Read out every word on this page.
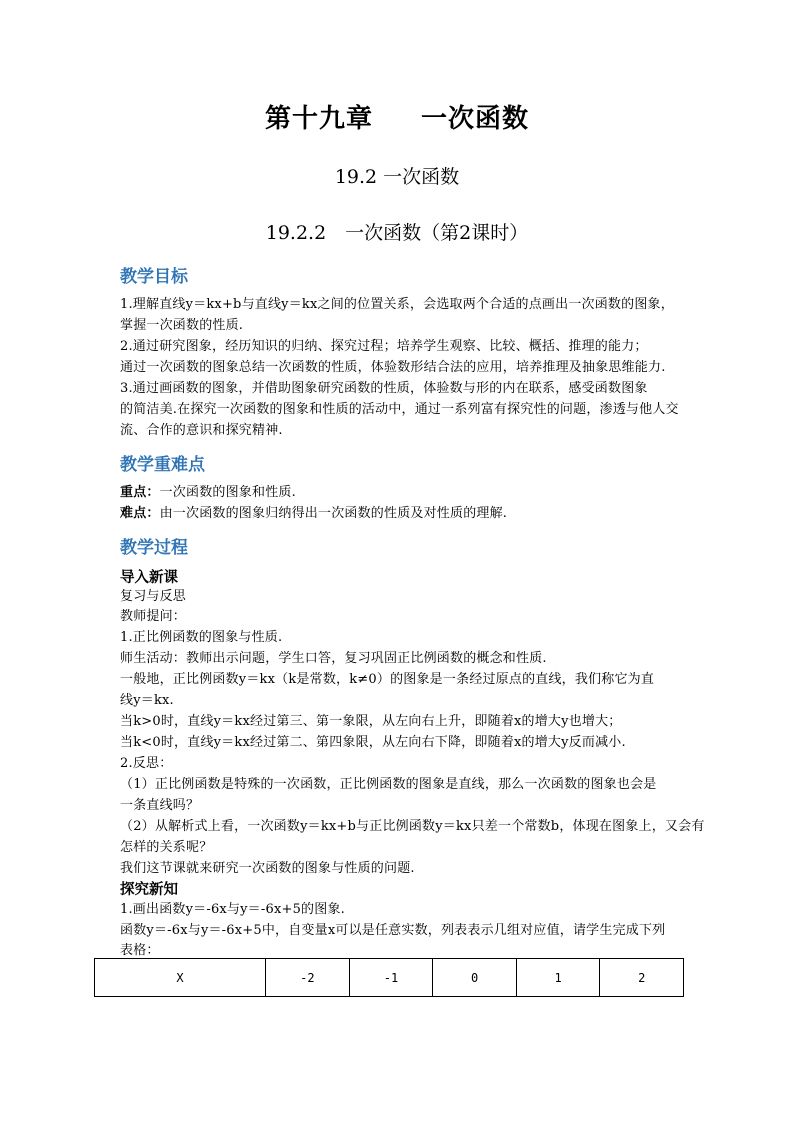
第十九章 一次函数
19.2 一次函数
19.2.2　一次函数（第2课时）
教学目标
1.理解直线y＝kx+b与直线y＝kx之间的位置关系，会选取两个合适的点画出一次函数的图象，
掌握一次函数的性质.
2.通过研究图象，经历知识的归纳、探究过程；培养学生观察、比较、概括、推理的能力；
通过一次函数的图象总结一次函数的性质，体验数形结合法的应用，培养推理及抽象思维能力.
3.通过画函数的图象，并借助图象研究函数的性质，体验数与形的内在联系，感受函数图象
的简洁美.在探究一次函数的图象和性质的活动中，通过一系列富有探究性的问题，渗透与他人交
流、合作的意识和探究精神.
教学重难点
重点：一次函数的图象和性质.
难点：由一次函数的图象归纳得出一次函数的性质及对性质的理解.
教学过程
导入新课
复习与反思
教师提问：
1.正比例函数的图象与性质.
师生活动：教师出示问题，学生口答，复习巩固正比例函数的概念和性质.
一般地，正比例函数y＝kx（k是常数，k≠0）的图象是一条经过原点的直线，我们称它为直
线y＝kx.
当k>0时，直线y＝kx经过第三、第一象限，从左向右上升，即随着x的增大y也增大；
当k<0时，直线y＝kx经过第二、第四象限，从左向右下降，即随着x的增大y反而减小.
2.反思：
（1）正比例函数是特殊的一次函数，正比例函数的图象是直线，那么一次函数的图象也会是
一条直线吗？
（2）从解析式上看，一次函数y＝kx+b与正比例函数y＝kx只差一个常数b，体现在图象上，又会有
怎样的关系呢？
我们这节课就来研究一次函数的图象与性质的问题.
探究新知
1.画出函数y＝-6x与y＝-6x+5的图象.
函数y＝-6x与y＝-6x+5中，自变量x可以是任意实数，列表表示几组对应值，请学生完成下列
表格：
X	-2	-1	0	1	2
